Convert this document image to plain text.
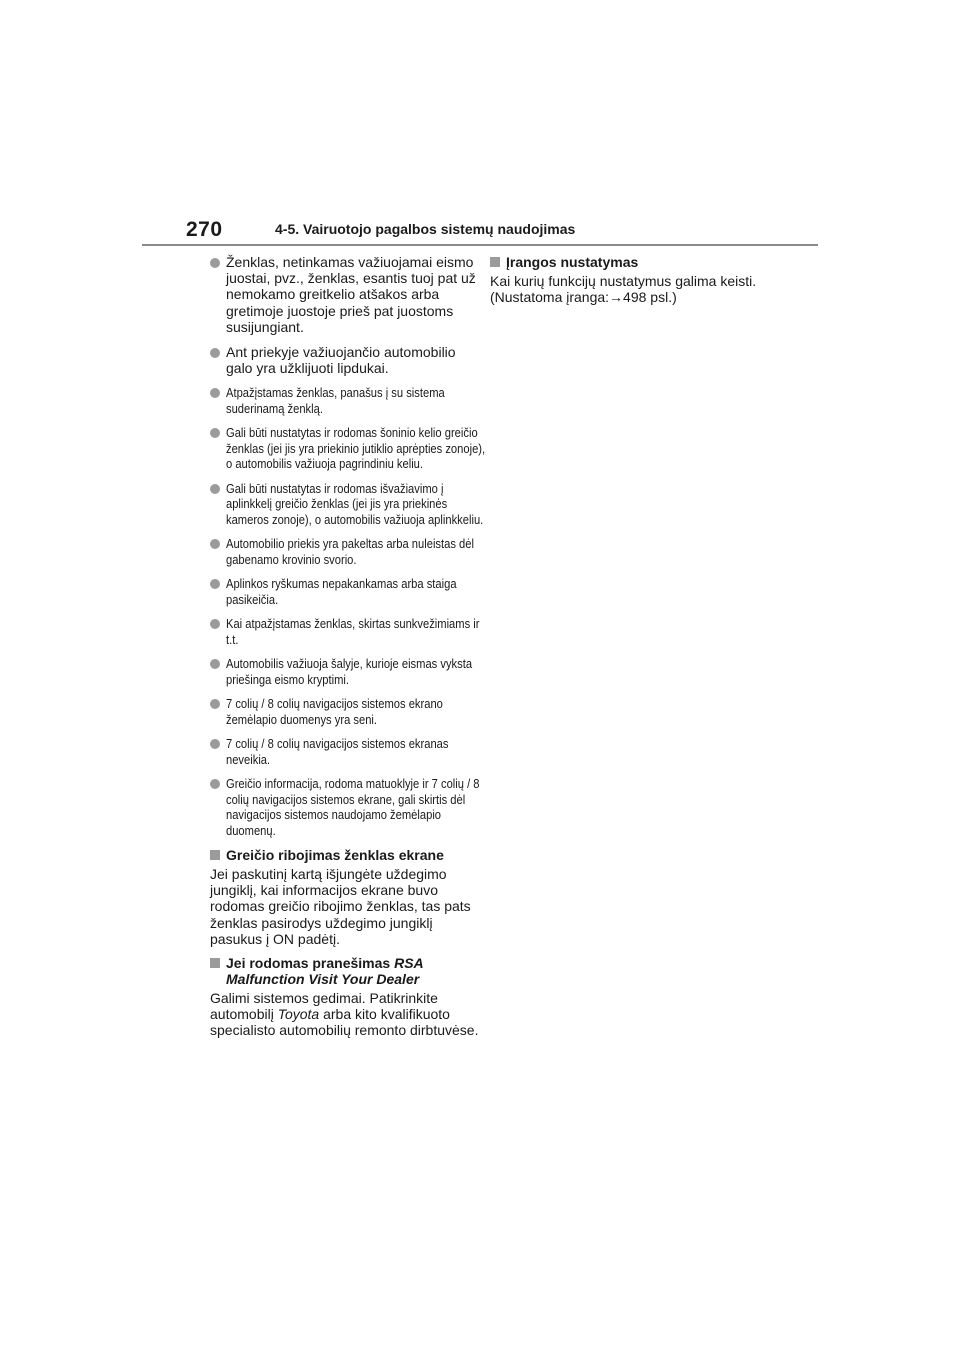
270	4-5. Vairuotojo pagalbos sistemų naudojimas
Ženklas, netinkamas važiuojamai eismo juostai, pvz., ženklas, esantis tuoj pat už nemokamo greitkelio atšakos arba gretimoje juostoje prieš pat juostoms susijungiant.
Ant priekyje važiuojančio automobilio galo yra užklijuoti lipdukai.
Atpažįstamas ženklas, panašus į su sistema suderinamą ženklą.
Gali būti nustatytas ir rodomas šoninio kelio greičio ženklas (jei jis yra priekinio jutiklio aprėpties zonoje), o automobilis važiuoja pagrindiniu keliu.
Gali būti nustatytas ir rodomas išvažiavimo į aplinkkelį greičio ženklas (jei jis yra priekinės kameros zonoje), o automobilis važiuoja aplinkkeliu.
Automobilio priekis yra pakeltas arba nuleistas dėl gabenamo krovinio svorio.
Aplinkos ryškumas nepakankamas arba staiga pasikeičia.
Kai atpažįstamas ženklas, skirtas sunkvežimiams ir t.t.
Automobilis važiuoja šalyje, kurioje eismas vyksta priešinga eismo kryptimi.
7 colių / 8 colių navigacijos sistemos ekrano žemėlapio duomenys yra seni.
7 colių / 8 colių navigacijos sistemos ekranas neveikia.
Greičio informacija, rodoma matuoklyje ir 7 colių / 8 colių navigacijos sistemos ekrane, gali skirtis dėl navigacijos sistemos naudojamo žemėlapio duomenų.
Greičio ribojimas ženklas ekrane
Jei paskutinį kartą išjungėte uždegimo jungiklį, kai informacijos ekrane buvo rodomas greičio ribojimo ženklas, tas pats ženklas pasirodys uždegimo jungiklį pasukus į ON padėtį.
Jei rodomas pranešimas RSA Malfunction Visit Your Dealer
Galimi sistemos gedimai. Patikrinkite automobilį Toyota arba kito kvalifikuoto specialisto automobilių remonto dirbtuvėse.
Įrangos nustatymas
Kai kurių funkcijų nustatymus galima keisti. (Nustatoma įranga:→498 psl.)
